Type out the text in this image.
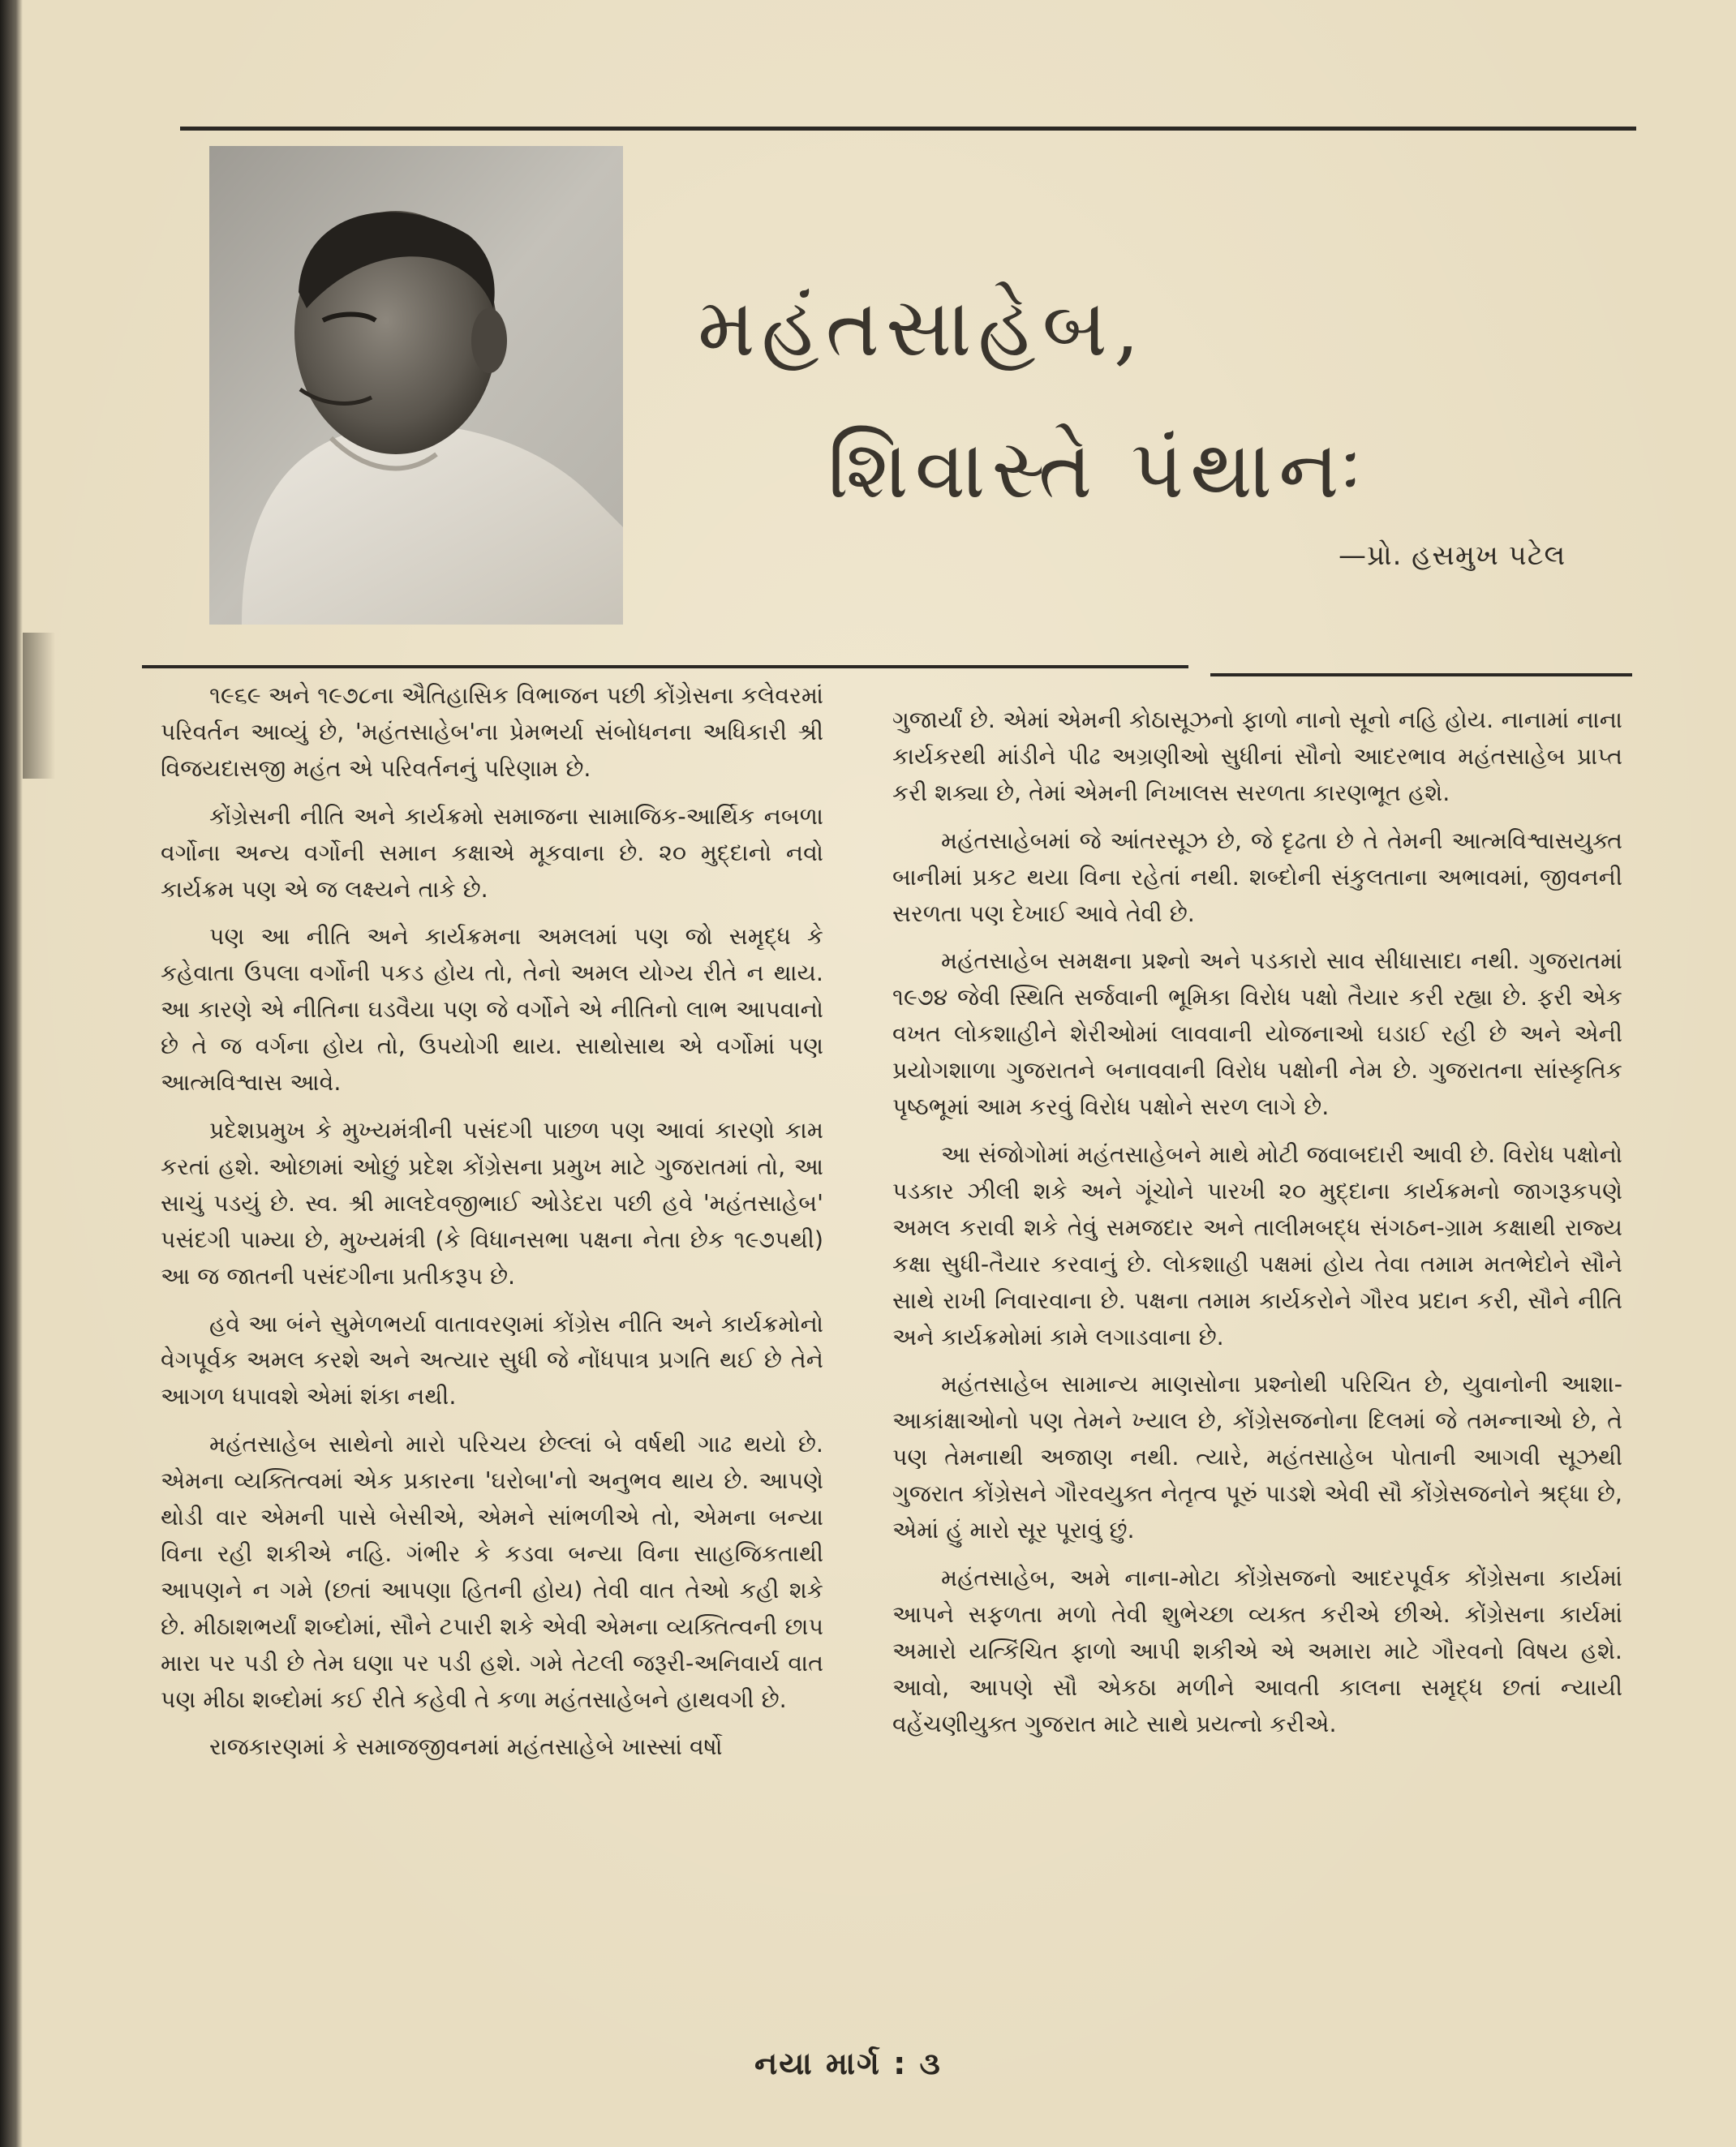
મહંતસાહેબ,
શિવાસ્તે પંથાનઃ
—પ્રો. હસમુખ પટેલ

૧૯૬૯ અને ૧૯૭૮ના ઐતિહાસિક વિભાજન પછી કોંગ્રેસના કલેવરમાં પરિવર્તન આવ્યું છે, 'મહંતસાહેબ'ના પ્રેમભર્યા સંબોધનના અધિકારી શ્રી વિજયદાસજી મહંત એ પરિવર્તનનું પરિણામ છે.

કોંગ્રેસની નીતિ અને કાર્યક્રમો સમાજના સામાજિક-આર્થિક નબળા વર્ગોના અન્ય વર્ગોની સમાન કક્ષાએ મૂકવાના છે. ૨૦ મુદ્દાનો નવો કાર્યક્રમ પણ એ જ લક્ષ્યને તાકે છે.

પણ આ નીતિ અને કાર્યક્રમના અમલમાં પણ જો સમૃદ્ધ કે કહેવાતા ઉપલા વર્ગોની પકડ હોય તો, તેનો અમલ યોગ્ય રીતે ન થાય. આ કારણે એ નીતિના ઘડવૈયા પણ જે વર્ગોને એ નીતિનો લાભ આપવાનો છે તે જ વર્ગના હોય તો, ઉપયોગી થાય. સાથોસાથ એ વર્ગોમાં પણ આત્મવિશ્વાસ આવે.

પ્રદેશપ્રમુખ કે મુખ્યમંત્રીની પસંદગી પાછળ પણ આવાં કારણો કામ કરતાં હશે. ઓછામાં ઓછું પ્રદેશ કોંગ્રેસના પ્રમુખ માટે ગુજરાતમાં તો, આ સાચું પડયું છે. સ્વ. શ્રી માલદેવજીભાઈ ઓડેદરા પછી હવે 'મહંતસાહેબ' પસંદગી પામ્યા છે, મુખ્યમંત્રી (કે વિધાનસભા પક્ષના નેતા છેક ૧૯૭૫થી) આ જ જાતની પસંદગીના પ્રતીકરૂપ છે.

હવે આ બંને સુમેળભર્યા વાતાવરણમાં કોંગ્રેસ નીતિ અને કાર્યક્રમોનો વેગપૂર્વક અમલ કરશે અને અત્યાર સુધી જે નોંધપાત્ર પ્રગતિ થઈ છે તેને આગળ ધપાવશે એમાં શંકા નથી.

મહંતસાહેબ સાથેનો મારો પરિચય છેલ્લાં બે વર્ષથી ગાઢ થયો છે. એમના વ્યક્તિત્વમાં એક પ્રકારના 'ઘરોબા'નો અનુભવ થાય છે. આપણે થોડી વાર એમની પાસે બેસીએ, એમને સાંભળીએ તો, એમના બન્યા વિના રહી શકીએ નહિ. ગંભીર કે કડવા બન્યા વિના સાહજિકતાથી આપણને ન ગમે (છતાં આપણા હિતની હોય) તેવી વાત તેઓ કહી શકે છે. મીઠાશભર્યાં શબ્દોમાં, સૌને ટપારી શકે એવી એમના વ્યક્તિત્વની છાપ મારા પર પડી છે તેમ ઘણા પર પડી હશે. ગમે તેટલી જરૂરી-અનિવાર્ય વાત પણ મીઠા શબ્દોમાં કઈ રીતે કહેવી તે કળા મહંતસાહેબને હાથવગી છે.

રાજકારણમાં કે સમાજજીવનમાં મહંતસાહેબે ખાસ્સાં વર્ષો

ગુજાર્યાં છે. એમાં એમની કોઠાસૂઝનો ફાળો નાનો સૂનો નહિ હોય. નાનામાં નાના કાર્યકરથી માંડીને પીઢ અગ્રણીઓ સુધીનાં સૌનો આદરભાવ મહંતસાહેબ પ્રાપ્ત કરી શક્યા છે, તેમાં એમની નિખાલસ સરળતા કારણભૂત હશે.

મહંતસાહેબમાં જે આંતરસૂઝ છે, જે દૃઢતા છે તે તેમની આત્મવિશ્વાસયુક્ત બાનીમાં પ્રકટ થયા વિના રહેતાં નથી. શબ્દોની સંકુલતાના અભાવમાં, જીવનની સરળતા પણ દેખાઈ આવે તેવી છે.

મહંતસાહેબ સમક્ષના પ્રશ્નો અને પડકારો સાવ સીધાસાદા નથી. ગુજરાતમાં ૧૯૭૪ જેવી સ્થિતિ સર્જવાની ભૂમિકા વિરોધ પક્ષો તૈયાર કરી રહ્યા છે. ફરી એક વખત લોકશાહીને શેરીઓમાં લાવવાની યોજનાઓ ઘડાઈ રહી છે અને એની પ્રયોગશાળા ગુજરાતને બનાવવાની વિરોધ પક્ષોની નેમ છે. ગુજરાતના સાંસ્કૃતિક પૃષ્ઠભૂમાં આમ કરવું વિરોધ પક્ષોને સરળ લાગે છે.

આ સંજોગોમાં મહંતસાહેબને માથે મોટી જવાબદારી આવી છે. વિરોધ પક્ષોનો પડકાર ઝીલી શકે અને ગૂંચોને પારખી ૨૦ મુદ્દાના કાર્યક્રમનો જાગરૂકપણે અમલ કરાવી શકે તેવું સમજદાર અને તાલીમબદ્ધ સંગઠન-ગ્રામ કક્ષાથી રાજ્ય કક્ષા સુધી-તૈયાર કરવાનું છે. લોકશાહી પક્ષમાં હોય તેવા તમામ મતભેદોને સૌને સાથે રાખી નિવારવાના છે. પક્ષના તમામ કાર્યકરોને ગૌરવ પ્રદાન કરી, સૌને નીતિ અને કાર્યક્રમોમાં કામે લગાડવાના છે.

મહંતસાહેબ સામાન્ય માણસોના પ્રશ્નોથી પરિચિત છે, યુવાનોની આશા-આકાંક્ષાઓનો પણ તેમને ખ્યાલ છે, કોંગ્રેસજનોના દિલમાં જે તમન્નાઓ છે, તે પણ તેમનાથી અજાણ નથી. ત્યારે, મહંતસાહેબ પોતાની આગવી સૂઝથી ગુજરાત કોંગ્રેસને ગૌરવયુક્ત નેતૃત્વ પૂરું પાડશે એવી સૌ કોંગ્રેસજનોને શ્રદ્ધા છે, એમાં હું મારો સૂર પૂરાવું છું.

મહંતસાહેબ, અમે નાના-મોટા કોંગ્રેસજનો આદરપૂર્વક કોંગ્રેસના કાર્યમાં આપને સફળતા મળો તેવી શુભેચ્છા વ્યક્ત કરીએ છીએ. કોંગ્રેસના કાર્યમાં અમારો યત્કિંચિત ફાળો આપી શકીએ એ અમારા માટે ગૌરવનો વિષય હશે. આવો, આપણે સૌ એકઠા મળીને આવતી કાલના સમૃદ્ધ છતાં ન્યાયી વહેંચણીયુક્ત ગુજરાત માટે સાથે પ્રયત્નો કરીએ.

નયા માર્ગ : ૩
